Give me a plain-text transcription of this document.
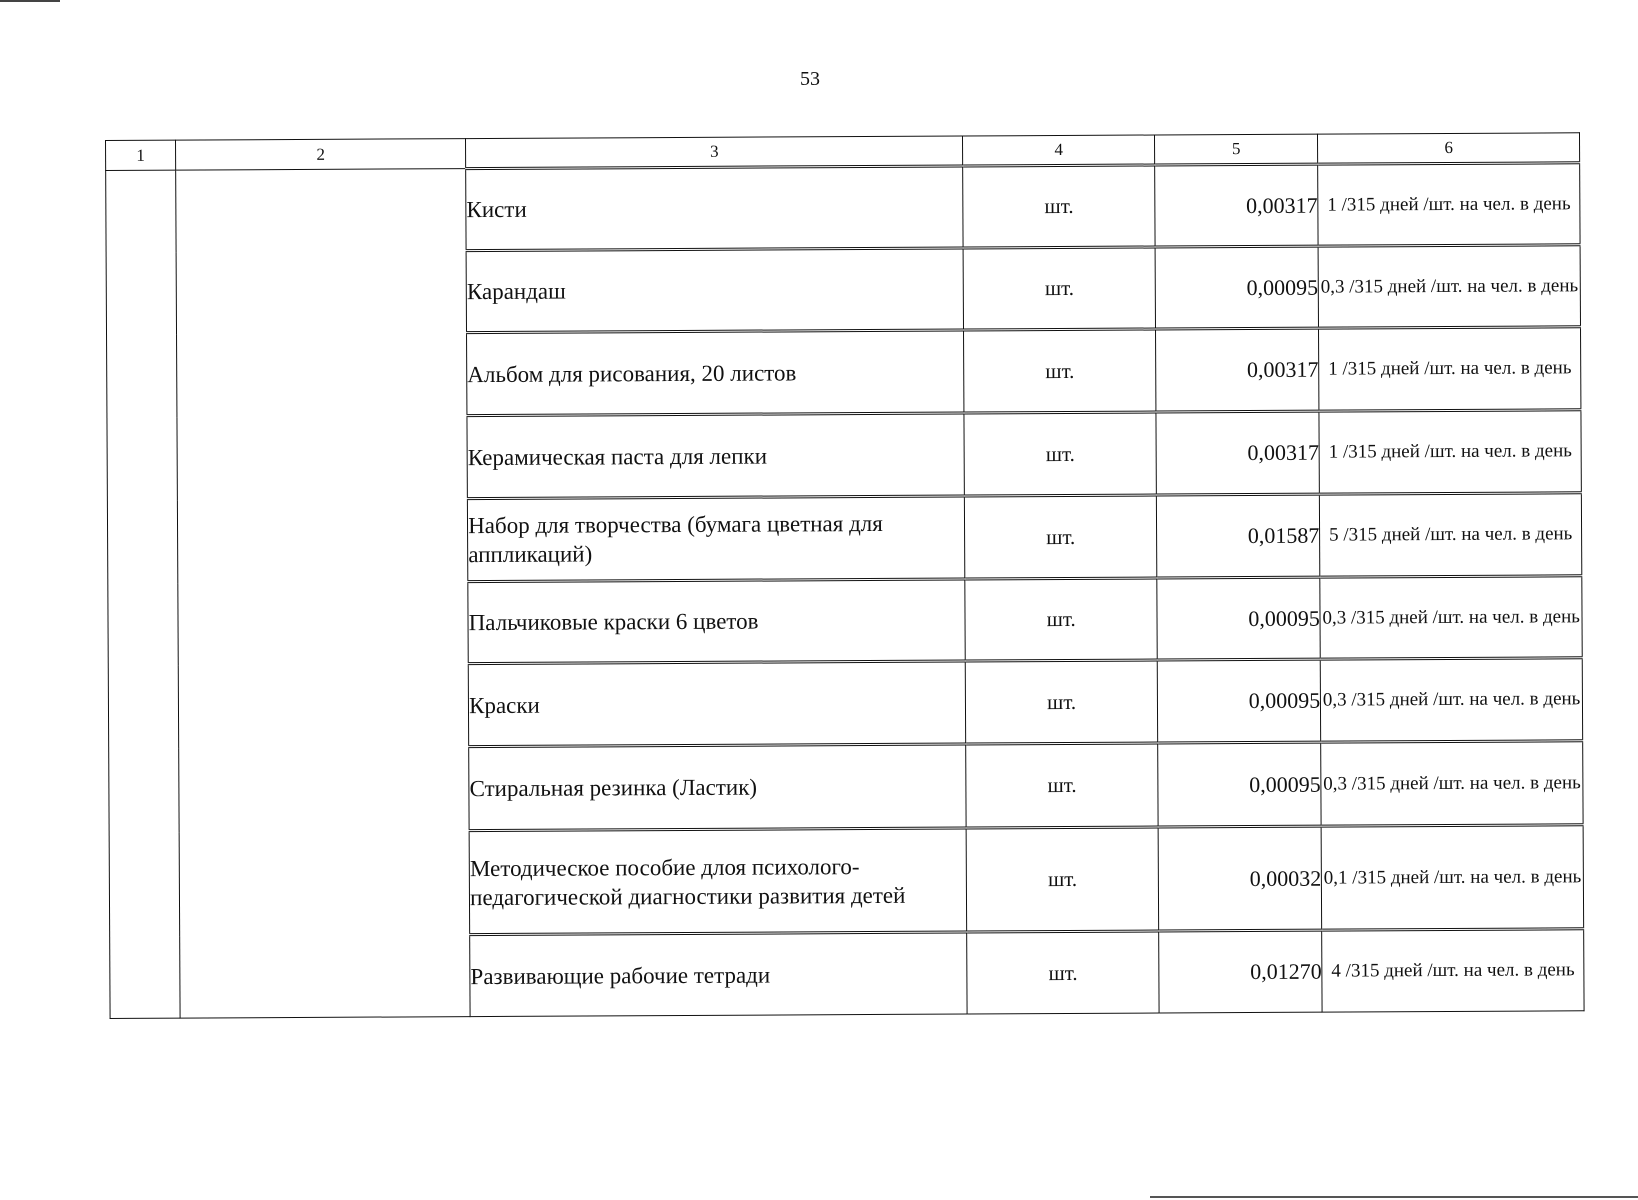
53
1	2	3	4	5	6
		Кисти	шт.	0,00317	1 /315 дней /шт. на чел. в день
		Карандаш	шт.	0,00095	0,3 /315 дней /шт. на чел. в день
		Альбом для рисования, 20 листов	шт.	0,00317	1 /315 дней /шт. на чел. в день
		Керамическая паста для лепки	шт.	0,00317	1 /315 дней /шт. на чел. в день
		Набор для творчества (бумага цветная для аппликаций)	шт.	0,01587	5 /315 дней /шт. на чел. в день
		Пальчиковые краски 6 цветов	шт.	0,00095	0,3 /315 дней /шт. на чел. в день
		Краски	шт.	0,00095	0,3 /315 дней /шт. на чел. в день
		Стиральная резинка (Ластик)	шт.	0,00095	0,3 /315 дней /шт. на чел. в день
		Методическое пособие длоя психолого-педагогической диагностики развития детей	шт.	0,00032	0,1 /315 дней /шт. на чел. в день
		Развивающие рабочие тетради	шт.	0,01270	4 /315 дней /шт. на чел. в день
